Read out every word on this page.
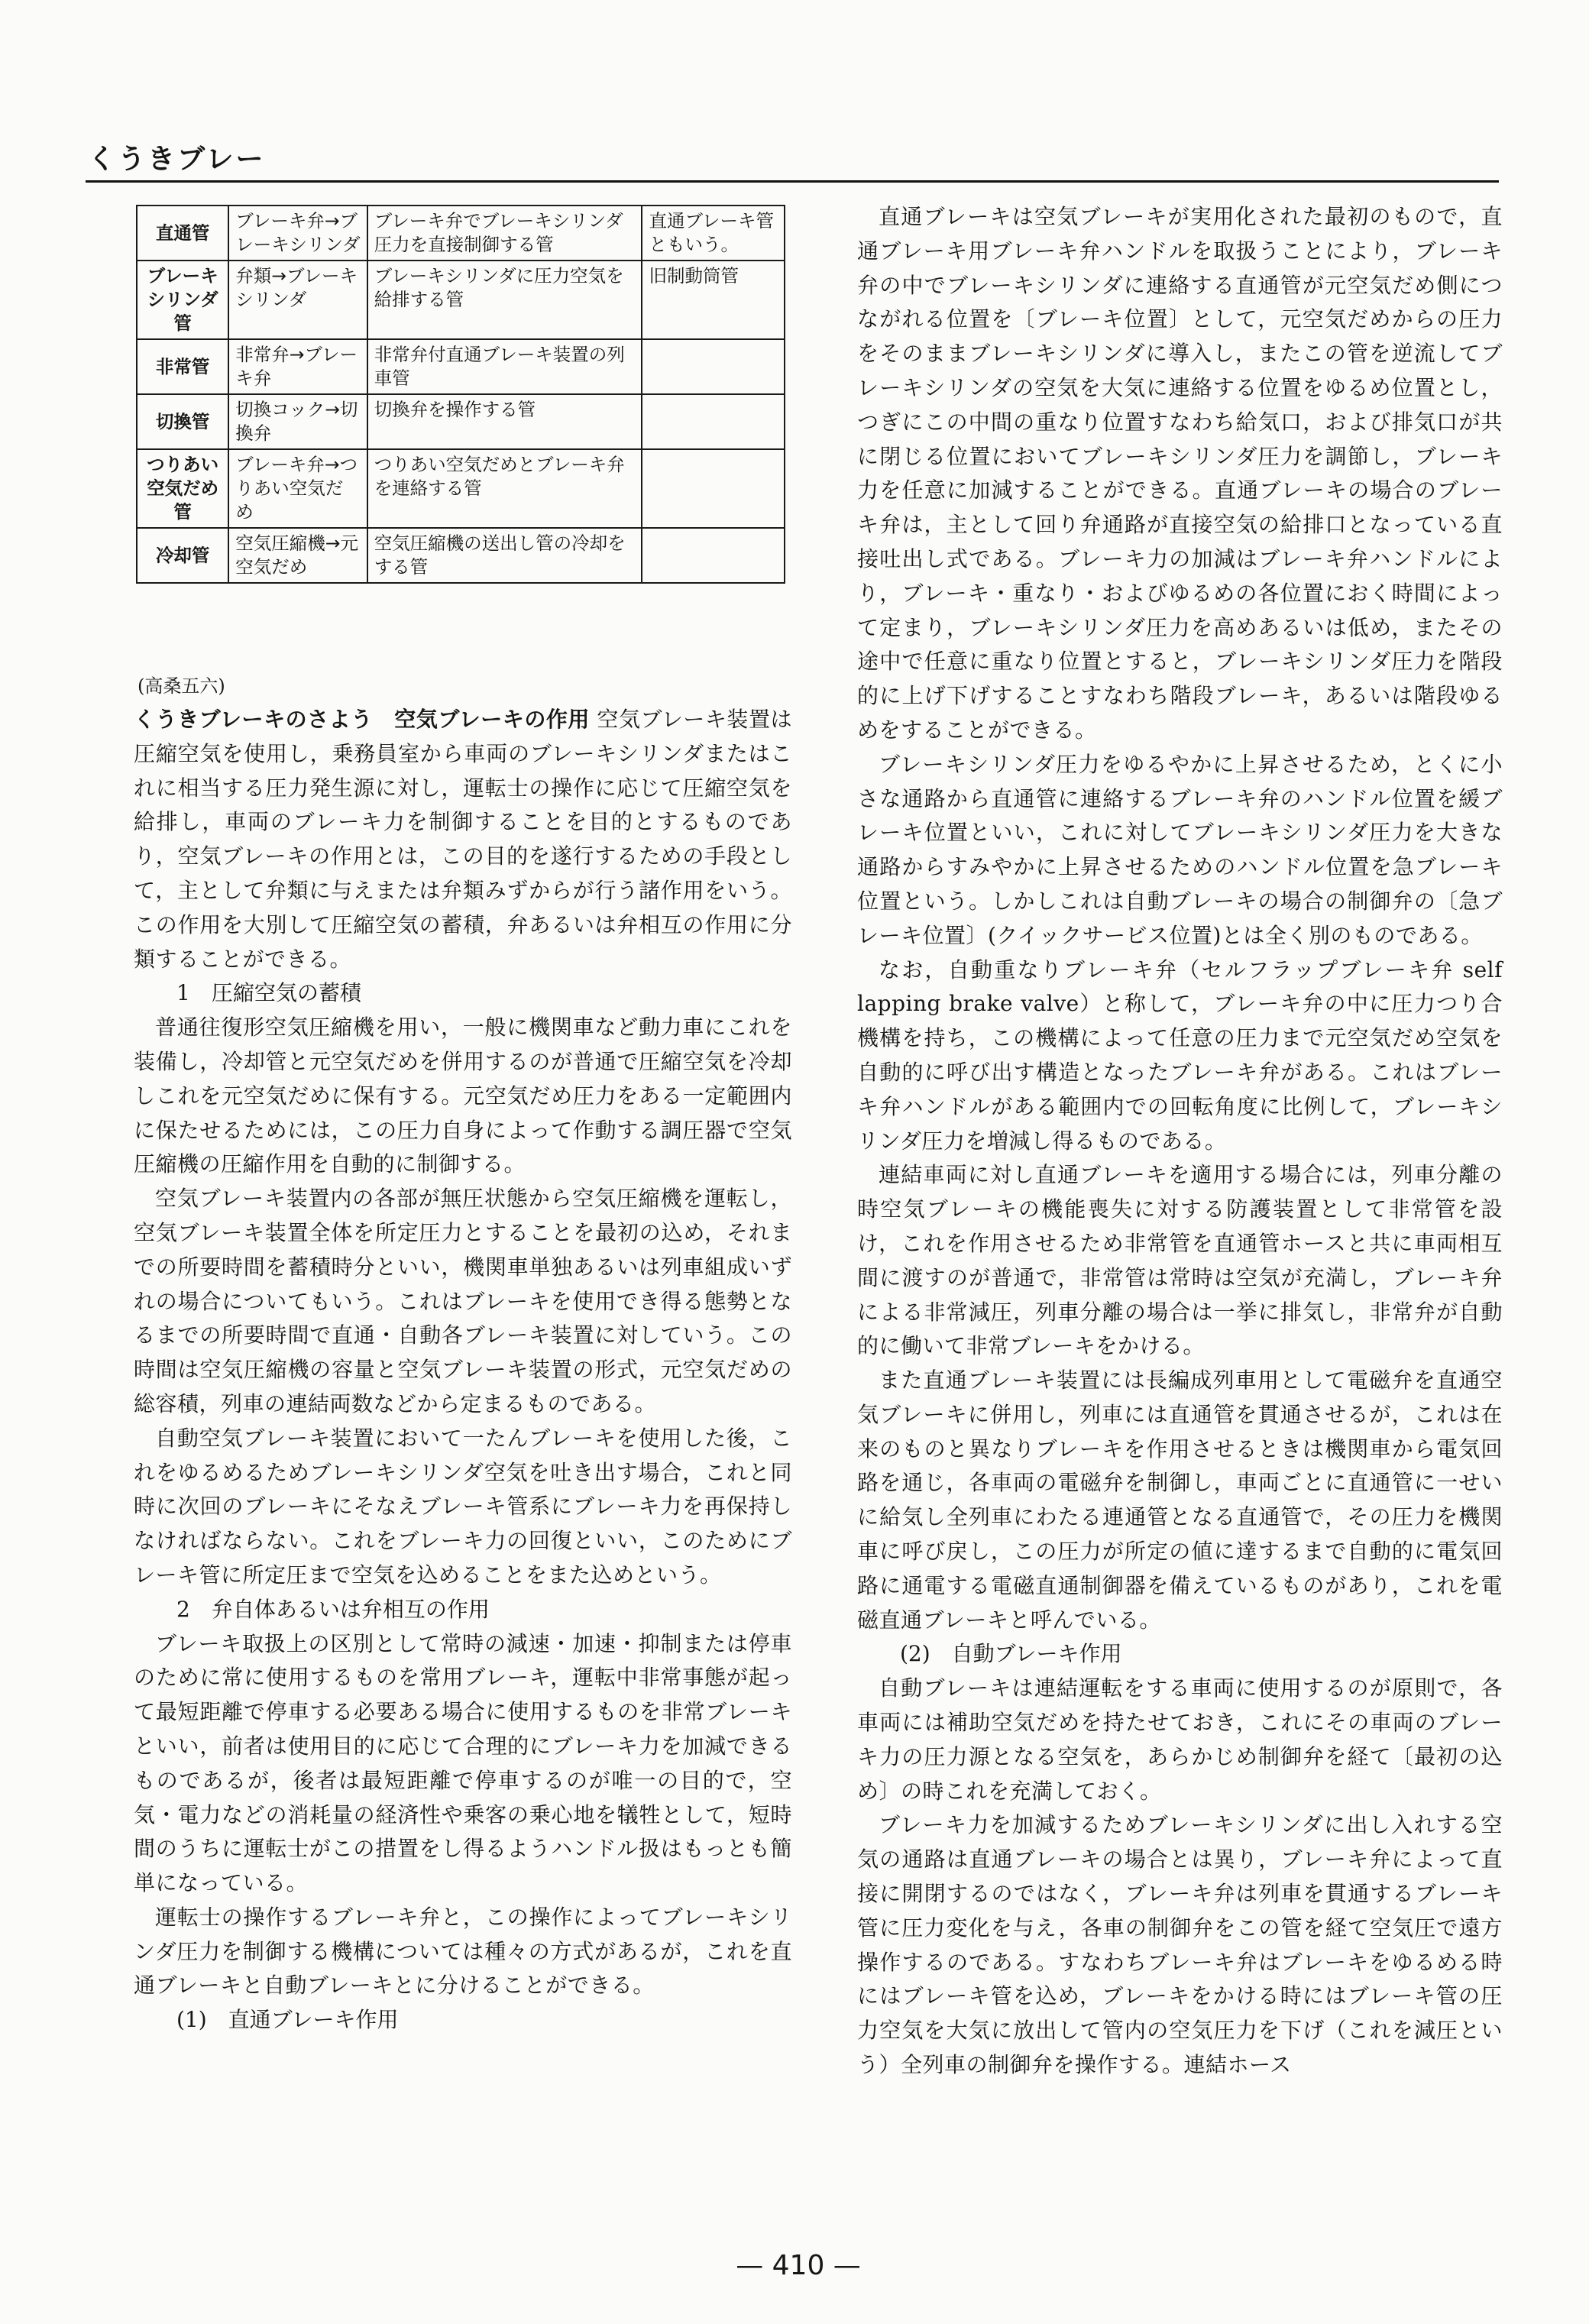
くうきブレー
直通管	ブレーキ弁→ブレーキシリンダ	ブレーキ弁でブレーキシリンダ圧力を直接制御する管	直通ブレーキ管ともいう。
ブレーキシリンダ管	弁類→ブレーキシリンダ	ブレーキシリンダに圧力空気を給排する管	旧制動筒管
非常管	非常弁→ブレーキ弁	非常弁付直通ブレーキ装置の列車管	
切換管	切換コック→切換弁	切換弁を操作する管	
つりあい空気だめ管	ブレーキ弁→つりあい空気だめ	つりあい空気だめとブレーキ弁を連絡する管	
冷却管	空気圧縮機→元空気だめ	空気圧縮機の送出し管の冷却をする管	
(高桑五六)

くうきブレーキのさよう　空気ブレーキの作用 空気ブレーキ装置は圧縮空気を使用し，乗務員室から車両のブレーキシリンダまたはこれに相当する圧力発生源に対し，運転士の操作に応じて圧縮空気を給排し，車両のブレーキ力を制御することを目的とするものであり，空気ブレーキの作用とは，この目的を遂行するための手段として，主として弁類に与えまたは弁類みずからが行う諸作用をいう。この作用を大別して圧縮空気の蓄積，弁あるいは弁相互の作用に分類することができる。

1　圧縮空気の蓄積

普通往復形空気圧縮機を用い，一般に機関車など動力車にこれを装備し，冷却管と元空気だめを併用するのが普通で圧縮空気を冷却しこれを元空気だめに保有する。元空気だめ圧力をある一定範囲内に保たせるためには，この圧力自身によって作動する調圧器で空気圧縮機の圧縮作用を自動的に制御する。

空気ブレーキ装置内の各部が無圧状態から空気圧縮機を運転し，空気ブレーキ装置全体を所定圧力とすることを最初の込め，それまでの所要時間を蓄積時分といい，機関車単独あるいは列車組成いずれの場合についてもいう。これはブレーキを使用でき得る態勢となるまでの所要時間で直通・自動各ブレーキ装置に対していう。この時間は空気圧縮機の容量と空気ブレーキ装置の形式，元空気だめの総容積，列車の連結両数などから定まるものである。

自動空気ブレーキ装置において一たんブレーキを使用した後，これをゆるめるためブレーキシリンダ空気を吐き出す場合，これと同時に次回のブレーキにそなえブレーキ管系にブレーキ力を再保持しなければならない。これをブレーキ力の回復といい，このためにブレーキ管に所定圧まで空気を込めることをまた込めという。

2　弁自体あるいは弁相互の作用

ブレーキ取扱上の区別として常時の減速・加速・抑制または停車のために常に使用するものを常用ブレーキ，運転中非常事態が起って最短距離で停車する必要ある場合に使用するものを非常ブレーキといい，前者は使用目的に応じて合理的にブレーキ力を加減できるものであるが，後者は最短距離で停車するのが唯一の目的で，空気・電力などの消耗量の経済性や乗客の乗心地を犠牲として，短時間のうちに運転士がこの措置をし得るようハンドル扱はもっとも簡単になっている。

運転士の操作するブレーキ弁と，この操作によってブレーキシリンダ圧力を制御する機構については種々の方式があるが，これを直通ブレーキと自動ブレーキとに分けることができる。

(1)　直通ブレーキ作用

直通ブレーキは空気ブレーキが実用化された最初のもので，直通ブレーキ用ブレーキ弁ハンドルを取扱うことにより，ブレーキ弁の中でブレーキシリンダに連絡する直通管が元空気だめ側につながれる位置を〔ブレーキ位置〕として，元空気だめからの圧力をそのままブレーキシリンダに導入し，またこの管を逆流してブレーキシリンダの空気を大気に連絡する位置をゆるめ位置とし，つぎにこの中間の重なり位置すなわち給気口，および排気口が共に閉じる位置においてブレーキシリンダ圧力を調節し，ブレーキ力を任意に加減することができる。直通ブレーキの場合のブレーキ弁は，主として回り弁通路が直接空気の給排口となっている直接吐出し式である。ブレーキ力の加減はブレーキ弁ハンドルにより，ブレーキ・重なり・およびゆるめの各位置におく時間によって定まり，ブレーキシリンダ圧力を高めあるいは低め，またその途中で任意に重なり位置とすると，ブレーキシリンダ圧力を階段的に上げ下げすることすなわち階段ブレーキ，あるいは階段ゆるめをすることができる。

ブレーキシリンダ圧力をゆるやかに上昇させるため，とくに小さな通路から直通管に連絡するブレーキ弁のハンドル位置を緩ブレーキ位置といい，これに対してブレーキシリンダ圧力を大きな通路からすみやかに上昇させるためのハンドル位置を急ブレーキ位置という。しかしこれは自動ブレーキの場合の制御弁の〔急ブレーキ位置〕(クイックサービス位置)とは全く別のものである。

なお，自動重なりブレーキ弁（セルフラップブレーキ弁 self lapping brake valve）と称して，ブレーキ弁の中に圧力つり合機構を持ち，この機構によって任意の圧力まで元空気だめ空気を自動的に呼び出す構造となったブレーキ弁がある。これはブレーキ弁ハンドルがある範囲内での回転角度に比例して，ブレーキシリンダ圧力を増減し得るものである。

連結車両に対し直通ブレーキを適用する場合には，列車分離の時空気ブレーキの機能喪失に対する防護装置として非常管を設け，これを作用させるため非常管を直通管ホースと共に車両相互間に渡すのが普通で，非常管は常時は空気が充満し，ブレーキ弁による非常減圧，列車分離の場合は一挙に排気し，非常弁が自動的に働いて非常ブレーキをかける。

また直通ブレーキ装置には長編成列車用として電磁弁を直通空気ブレーキに併用し，列車には直通管を貫通させるが，これは在来のものと異なりブレーキを作用させるときは機関車から電気回路を通じ，各車両の電磁弁を制御し，車両ごとに直通管に一せいに給気し全列車にわたる連通管となる直通管で，その圧力を機関車に呼び戻し，この圧力が所定の値に達するまで自動的に電気回路に通電する電磁直通制御器を備えているものがあり，これを電磁直通ブレーキと呼んでいる。

(2)　自動ブレーキ作用

自動ブレーキは連結運転をする車両に使用するのが原則で，各車両には補助空気だめを持たせておき，これにその車両のブレーキ力の圧力源となる空気を，あらかじめ制御弁を経て〔最初の込め〕の時これを充満しておく。

ブレーキ力を加減するためブレーキシリンダに出し入れする空気の通路は直通ブレーキの場合とは異り，ブレーキ弁によって直接に開閉するのではなく，ブレーキ弁は列車を貫通するブレーキ管に圧力変化を与え，各車の制御弁をこの管を経て空気圧で遠方操作するのである。すなわちブレーキ弁はブレーキをゆるめる時にはブレーキ管を込め，ブレーキをかける時にはブレーキ管の圧力空気を大気に放出して管内の空気圧力を下げ（これを減圧という）全列車の制御弁を操作する。連結ホース

— 410 —
